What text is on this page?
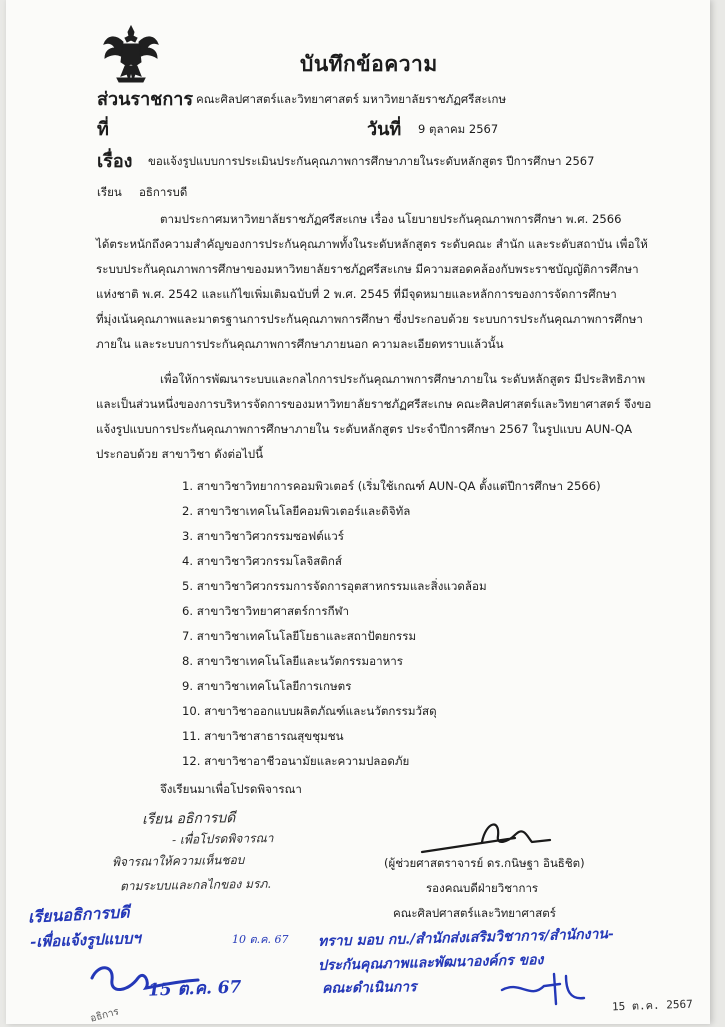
บันทึกข้อความ
ส่วนราชการ คณะศิลปศาสตร์และวิทยาศาสตร์ มหาวิทยาลัยราชภัฏศรีสะเกษ
ที่	วันที่ 9 ตุลาคม 2567
เรื่อง ขอแจ้งรูปแบบการประเมินประกันคุณภาพการศึกษาภายในระดับหลักสูตร ปีการศึกษา 2567
เรียน อธิการบดี
ตามประกาศมหาวิทยาลัยราชภัฏศรีสะเกษ เรื่อง นโยบายประกันคุณภาพการศึกษา พ.ศ. 2566
ได้ตระหนักถึงความสำคัญของการประกันคุณภาพทั้งในระดับหลักสูตร ระดับคณะ สำนัก และระดับสถาบัน เพื่อให้
ระบบประกันคุณภาพการศึกษาของมหาวิทยาลัยราชภัฏศรีสะเกษ มีความสอดคล้องกับพระราชบัญญัติการศึกษา
แห่งชาติ พ.ศ. 2542 และแก้ไขเพิ่มเติมฉบับที่ 2 พ.ศ. 2545 ที่มีจุดหมายและหลักการของการจัดการศึกษา
ที่มุ่งเน้นคุณภาพและมาตรฐานการประกันคุณภาพการศึกษา ซึ่งประกอบด้วย ระบบการประกันคุณภาพการศึกษา
ภายใน และระบบการประกันคุณภาพการศึกษาภายนอก ความละเอียดทราบแล้วนั้น
เพื่อให้การพัฒนาระบบและกลไกการประกันคุณภาพการศึกษาภายใน ระดับหลักสูตร มีประสิทธิภาพ
และเป็นส่วนหนึ่งของการบริหารจัดการของมหาวิทยาลัยราชภัฏศรีสะเกษ คณะศิลปศาสตร์และวิทยาศาสตร์ จึงขอ
แจ้งรูปแบบการประกันคุณภาพการศึกษาภายใน ระดับหลักสูตร ประจำปีการศึกษา 2567 ในรูปแบบ AUN-QA
ประกอบด้วย สาขาวิชา ดังต่อไปนี้
1. สาขาวิชาวิทยาการคอมพิวเตอร์ (เริ่มใช้เกณฑ์ AUN-QA ตั้งแต่ปีการศึกษา 2566)
2. สาขาวิชาเทคโนโลยีคอมพิวเตอร์และดิจิทัล
3. สาขาวิชาวิศวกรรมซอฟต์แวร์
4. สาขาวิชาวิศวกรรมโลจิสติกส์
5. สาขาวิชาวิศวกรรมการจัดการอุตสาหกรรมและสิ่งแวดล้อม
6. สาขาวิชาวิทยาศาสตร์การกีฬา
7. สาขาวิชาเทคโนโลยีโยธาและสถาปัตยกรรม
8. สาขาวิชาเทคโนโลยีและนวัตกรรมอาหาร
9. สาขาวิชาเทคโนโลยีการเกษตร
10. สาขาวิชาออกแบบผลิตภัณฑ์และนวัตกรรมวัสดุ
11. สาขาวิชาสาธารณสุขชุมชน
12. สาขาวิชาอาชีวอนามัยและความปลอดภัย
จึงเรียนมาเพื่อโปรดพิจารณา
เรียน อธิการบดี
- เพื่อโปรดพิจารณา
พิจารณาให้ความเห็นชอบ
ตามระบบและกลไกของ มรภ.
(ผู้ช่วยศาสตราจารย์ ดร.กนิษฐา อินธิชิต)
รองคณบดีฝ่ายวิชาการ
คณะศิลปศาสตร์และวิทยาศาสตร์
เรียนอธิการบดี
-เพื่อแจ้งรูปแบบฯ	10 ต.ค. 67
15 ต.ค. 67
ทราบ มอบ กบ./สำนักส่งเสริมวิชาการ/สำนักงาน-
ประกันคุณภาพและพัฒนาองค์กร ของ
คณะดำเนินการ
15 ต.ค. 2567
อธิการ
